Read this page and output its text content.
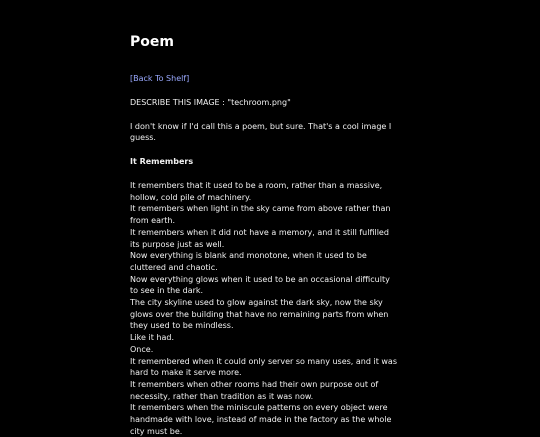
Poem
[Back To Shelf]
DESCRIBE THIS IMAGE : "techroom.png"
I don't know if I'd call this a poem, but sure. That's a cool image I guess.
It Remembers

It remembers that it used to be a room, rather than a massive, hollow, cold pile of machinery.

It remembers when light in the sky came from above rather than from earth.

It remembers when it did not have a memory, and it still fulfilled its purpose just as well.

Now everything is blank and monotone, when it used to be cluttered and chaotic.

Now everything glows when it used to be an occasional difficulty to see in the dark.

The city skyline used to glow against the dark sky, now the sky glows over the building that have no remaining parts from when they used to be mindless.

Like it had.

Once.

It remembered when it could only server so many uses, and it was hard to make it serve more.

It remembers when other rooms had their own purpose out of necessity, rather than tradition as it was now.

It remembers when the miniscule patterns on every object were handmade with love, instead of made in the factory as the whole city must be.
